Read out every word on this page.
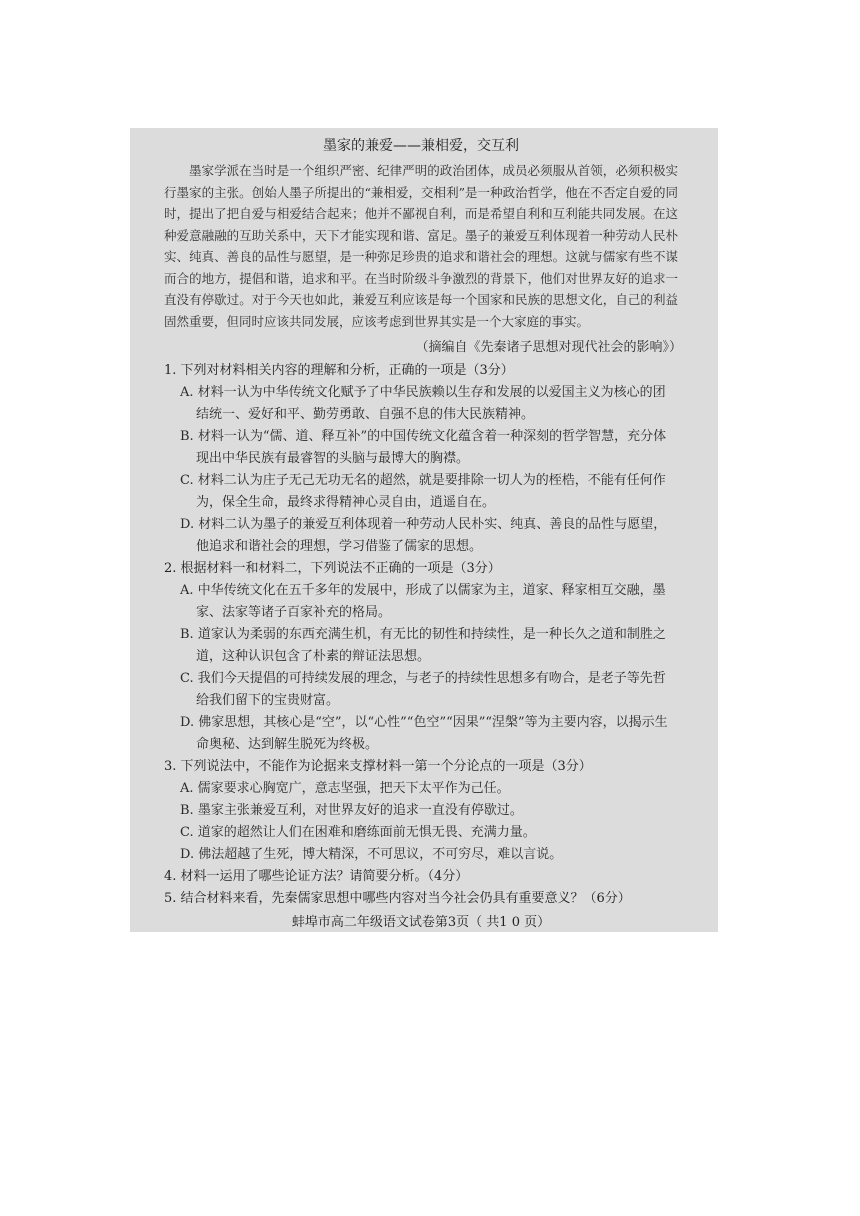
墨家的兼爱——兼相爱，交互利

墨家学派在当时是一个组织严密、纪律严明的政治团体，成员必须服从首领，必须积极实行墨家的主张。创始人墨子所提出的“兼相爱，交相利”是一种政治哲学，他在不否定自爱的同时，提出了把自爱与相爱结合起来；他并不鄙视自利，而是希望自利和互利能共同发展。在这种爱意融融的互助关系中，天下才能实现和谐、富足。墨子的兼爱互利体现着一种劳动人民朴实、纯真、善良的品性与愿望，是一种弥足珍贵的追求和谐社会的理想。这就与儒家有些不谋而合的地方，提倡和谐，追求和平。在当时阶级斗争激烈的背景下，他们对世界友好的追求一直没有停歇过。对于今天也如此，兼爱互利应该是每一个国家和民族的思想文化，自己的利益固然重要，但同时应该共同发展，应该考虑到世界其实是一个大家庭的事实。

（摘编自《先秦诸子思想对现代社会的影响》）
1. 下列对材料相关内容的理解和分析，正确的一项是（3分）
A. 材料一认为中华传统文化赋予了中华民族赖以生存和发展的以爱国主义为核心的团结统一、爱好和平、勤劳勇敢、自强不息的伟大民族精神。
B. 材料一认为“儒、道、释互补”的中国传统文化蕴含着一种深刻的哲学智慧，充分体现出中华民族有最睿智的头脑与最博大的胸襟。
C. 材料二认为庄子无己无功无名的超然，就是要排除一切人为的桎梏，不能有任何作为，保全生命，最终求得精神心灵自由，逍遥自在。
D. 材料二认为墨子的兼爱互利体现着一种劳动人民朴实、纯真、善良的品性与愿望，他追求和谐社会的理想，学习借鉴了儒家的思想。
2. 根据材料一和材料二，下列说法不正确的一项是（3分）
A. 中华传统文化在五千多年的发展中，形成了以儒家为主，道家、释家相互交融，墨家、法家等诸子百家补充的格局。
B. 道家认为柔弱的东西充满生机，有无比的韧性和持续性，是一种长久之道和制胜之道，这种认识包含了朴素的辩证法思想。
C. 我们今天提倡的可持续发展的理念，与老子的持续性思想多有吻合，是老子等先哲给我们留下的宝贵财富。
D. 佛家思想，其核心是“空”，以“心性”“色空”“因果”“涅槃”等为主要内容，以揭示生命奥秘、达到解生脱死为终极。
3. 下列说法中，不能作为论据来支撑材料一第一个分论点的一项是（3分）
A. 儒家要求心胸宽广，意志坚强，把天下太平作为己任。
B. 墨家主张兼爱互利，对世界友好的追求一直没有停歇过。
C. 道家的超然让人们在困难和磨练面前无惧无畏、充满力量。
D. 佛法超越了生死，博大精深，不可思议，不可穷尽，难以言说。
4. 材料一运用了哪些论证方法？请简要分析。（4分）
5. 结合材料来看，先秦儒家思想中哪些内容对当今社会仍具有重要意义？（6分）
蚌埠市高二年级语文试卷第3页（ 共1 0 页）
